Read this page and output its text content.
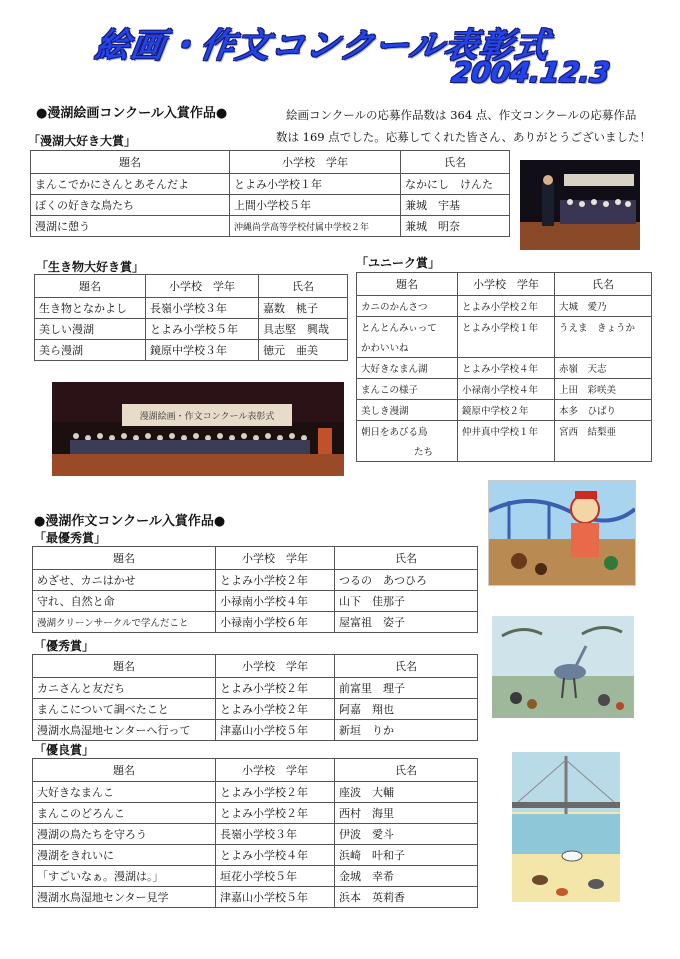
絵画・作文コンクール表彰式
2004.12.3
●漫湖絵画コンクール入賞作品●	絵画コンクールの応募作品数は 364 点、作文コンクールの応募作品
数は 169 点でした。応募してくれた皆さん、ありがとうございました！
「漫湖大好き大賞」
題名	小学校　学年	氏名
まんこでかにさんとあそんだよ	とよみ小学校１年	なかにし　けんた
ぼくの好きな鳥たち	上間小学校５年	兼城　宇基
漫湖に憩う	沖縄尚学高等学校付属中学校２年	兼城　明奈
「生き物大好き賞」
題名	小学校　学年	氏名
生き物となかよし	長嶺小学校３年	嘉数　桃子
美しい漫湖	とよみ小学校５年	具志堅　興哉
美ら漫湖	鏡原中学校３年	徳元　亜美
「ユニーク賞」
題名	小学校　学年	氏名
カニのかんさつ	とよみ小学校２年	大城　愛乃
とんとんみぃって	とよみ小学校１年	うえま　きょうか
かわいいね		
大好きなまん湖	とよみ小学校４年	赤嶺　天志
まんこの様子	小禄南小学校４年	上田　彩咲美
美しき漫湖	鏡原中学校２年	本多　ひばり
朝日をあびる鳥	仲井真中学校１年	宮西　結梨亜
たち		
漫湖絵画・作文コンクール表彰式
●漫湖作文コンクール入賞作品●
「最優秀賞」
題名	小学校　学年	氏名
めざせ、カニはかせ	とよみ小学校２年	つるの　あつひろ
守れ、自然と命	小禄南小学校４年	山下　佳那子
漫湖クリーンサークルで学んだこと	小禄南小学校６年	屋富祖　姿子
「優秀賞」
題名	小学校　学年	氏名
カニさんと友だち	とよみ小学校２年	前富里　理子
まんこについて調べたこと	とよみ小学校２年	阿嘉　翔也
漫湖水鳥湿地センターへ行って	津嘉山小学校５年	新垣　りか
「優良賞」
題名	小学校　学年	氏名
大好きなまんこ	とよみ小学校２年	座波　大輔
まんこのどろんこ	とよみ小学校２年	西村　海里
漫湖の鳥たちを守ろう	長嶺小学校３年	伊波　愛斗
漫湖をきれいに	とよみ小学校４年	浜崎　叶和子
「すごいなぁ。漫湖は。」	垣花小学校５年	金城　幸希
漫湖水鳥湿地センター見学	津嘉山小学校５年	浜本　英莉香
